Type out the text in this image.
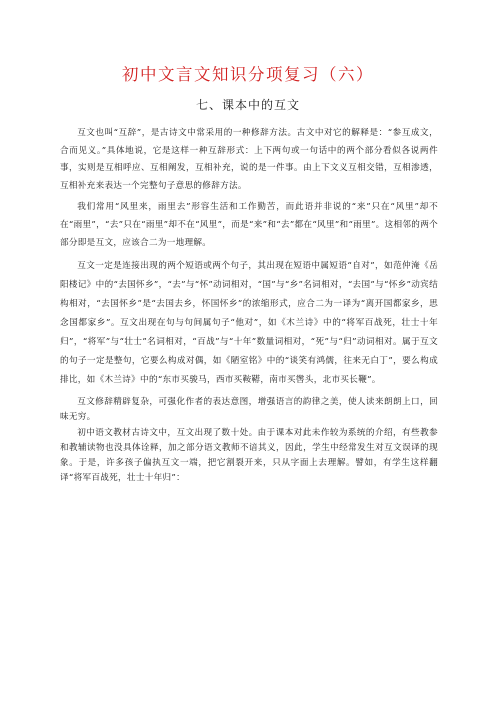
初中文言文知识分项复习（六）
七、课本中的互文

互文也叫“互辞”，是古诗文中常采用的一种修辞方法。古文中对它的解释是：“参互成文，合而见义。”具体地说，它是这样一种互辞形式：上下两句或一句话中的两个部分看似各说两件事，实则是互相呼应、互相阐发，互相补充，说的是一件事。由上下文义互相交错，互相渗透，互相补充来表达一个完整句子意思的修辞方法。

我们常用“风里来，雨里去”形容生活和工作勤苦，而此语并非说的“来”只在“风里”却不在“雨里”，“去”只在“雨里”却不在“风里”，而是“来”和“去”都在“风里”和“雨里”。这相邻的两个部分即是互文，应该合二为一地理解。

互文一定是连接出现的两个短语或两个句子，其出现在短语中属短语“自对”，如范仲淹《岳阳楼记》中的“去国怀乡”，“去”与“怀”动词相对，“国”与“乡”名词相对，“去国”与“怀乡”动宾结构相对，“去国怀乡”是“去国去乡，怀国怀乡”的浓缩形式，应合二为一译为“离开国都家乡，思念国都家乡”。互文出现在句与句间属句子“他对”，如《木兰诗》中的“将军百战死，壮士十年归”，“将军”与“壮士”名词相对，“百战”与“十年”数量词相对，“死”与“归”动词相对。属于互文的句子一定是整句，它要么构成对偶，如《陋室铭》中的“谈笑有鸿儒，往来无白丁”，要么构成排比，如《木兰诗》中的“东市买骏马，西市买鞍鞯，南市买辔头，北市买长鞭”。

互文修辞精辟复杂，可强化作者的表达意图，增强语言的韵律之美，使人读来朗朗上口，回味无穷。

初中语文教材古诗文中，互文出现了数十处。由于课本对此未作较为系统的介绍，有些教参和教辅读物也没具体诠释，加之部分语文教师不谙其义，因此，学生中经常发生对互文误译的现象。于是，许多孩子偏执互文一端，把它割裂开来，只从字面上去理解。譬如，有学生这样翻译“将军百战死，壮士十年归”：
